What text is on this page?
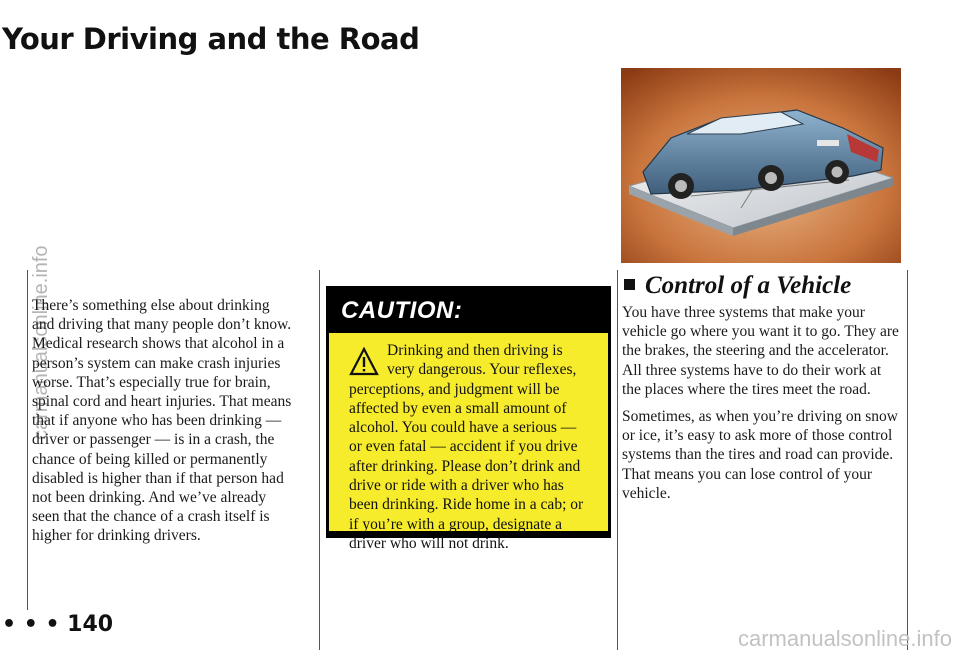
Your Driving and the Road
carmanualsonline.info

There’s something else about drinking and driving that many people don’t know. Medical research shows that alcohol in a person’s system can make crash injuries worse. That’s especially true for brain, spinal cord and heart injuries. That means that if anyone who has been drinking — driver or passenger — is in a crash, the chance of being killed or permanently disabled is higher than if that person had not been drinking. And we’ve already seen that the chance of a crash itself is higher for drinking drivers.

CAUTION:
Drinking and then driving is very dangerous. Your reflexes, perceptions, and judgment will be affected by even a small amount of alcohol. You could have a serious — or even fatal — accident if you drive after drinking. Please don’t drink and drive or ride with a driver who has been drinking. Ride home in a cab; or if you’re with a group, designate a driver who will not drink.
Control of a Vehicle

You have three systems that make your vehicle go where you want it to go. They are the brakes, the steering and the accelerator. All three systems have to do their work at the places where the tires meet the road.

Sometimes, as when you’re driving on snow or ice, it’s easy to ask more of those control systems than the tires and road can provide. That means you can lose control of your vehicle.

• • • 140
carmanualsonline.info
